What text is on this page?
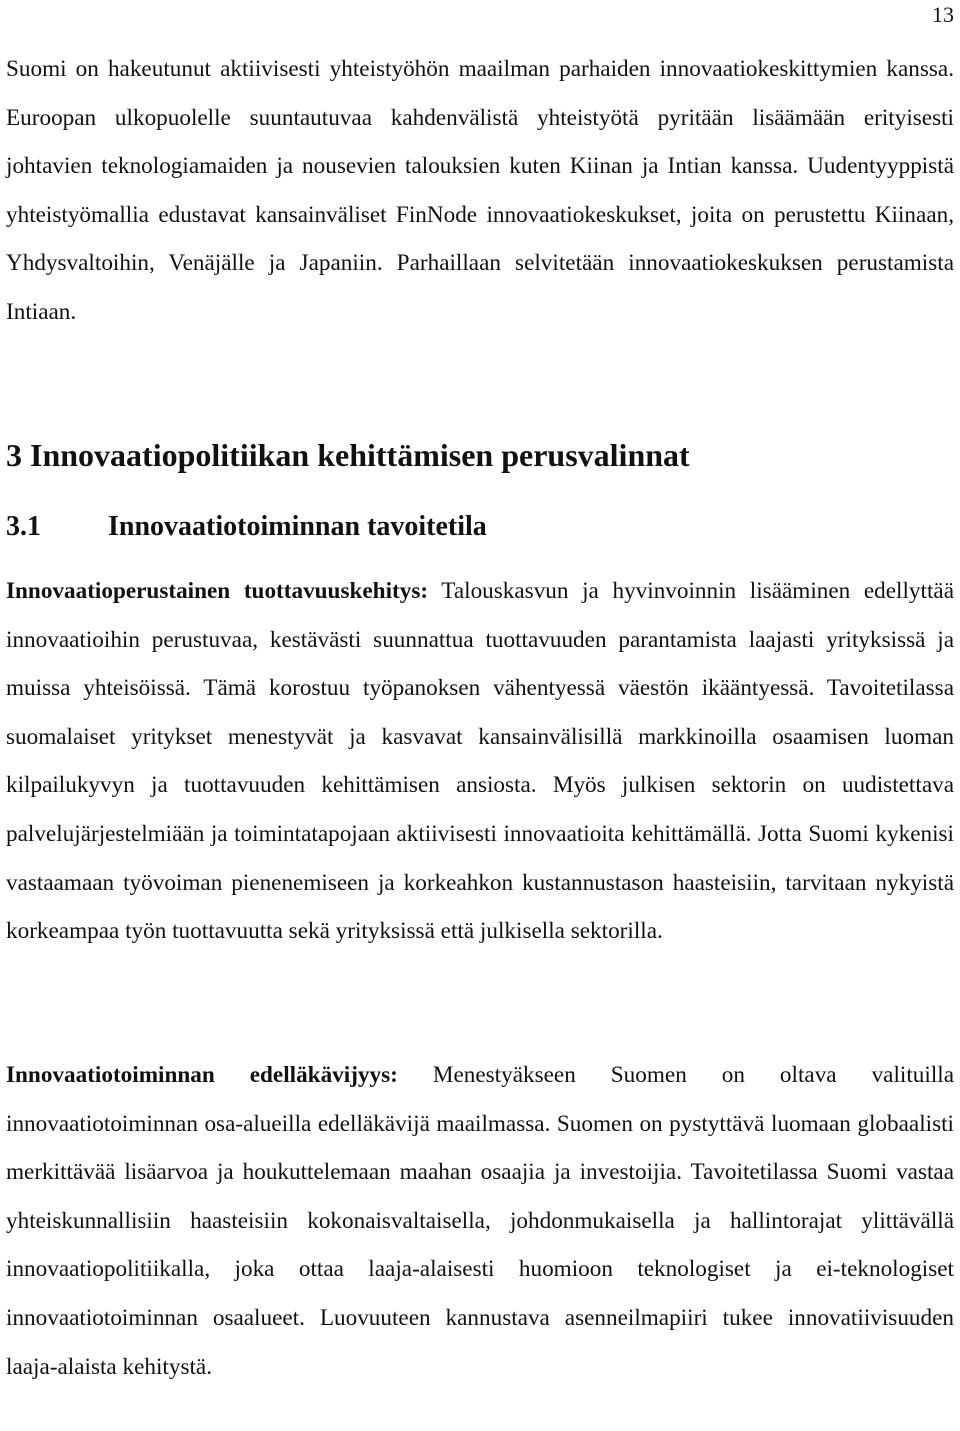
13

Suomi on hakeutunut aktiivisesti yhteistyöhön maailman parhaiden innovaatiokeskittymien kanssa. Euroopan ulkopuolelle suuntautuvaa kahdenvälistä yhteistyötä pyritään lisäämään erityisesti johtavien teknologiamaiden ja nousevien talouksien kuten Kiinan ja Intian kanssa. Uudentyyppistä yhteistyömallia edustavat kansainväliset FinNode innovaatiokeskukset, joita on perustettu Kiinaan, Yhdysvaltoihin, Venäjälle ja Japaniin. Parhaillaan selvitetään innovaatiokeskuksen perustamista Intiaan.

3 Innovaatiopolitiikan kehittämisen perusvalinnat
3.1 Innovaatiotoiminnan tavoitetila

Innovaatioperustainen tuottavuuskehitys: Talouskasvun ja hyvinvoinnin lisääminen edellyttää innovaatioihin perustuvaa, kestävästi suunnattua tuottavuuden parantamista laajasti yrityksissä ja muissa yhteisöissä. Tämä korostuu työpanoksen vähentyessä väestön ikääntyessä. Tavoitetilassa suomalaiset yritykset menestyvät ja kasvavat kansainvälisillä markkinoilla osaamisen luoman kilpailukyvyn ja tuottavuuden kehittämisen ansiosta. Myös julkisen sektorin on uudistettava palvelujärjestelmiään ja toimintatapojaan aktiivisesti innovaatioita kehittämällä. Jotta Suomi kykenisi vastaamaan työvoiman pienenemiseen ja korkeahkon kustannustason haasteisiin, tarvitaan nykyistä korkeampaa työn tuottavuutta sekä yrityksissä että julkisella sektorilla.

Innovaatiotoiminnan edelläkävijyys: Menestyäkseen Suomen on oltava valituilla innovaatiotoiminnan osa-alueilla edelläkävijä maailmassa. Suomen on pystyttävä luomaan globaalisti merkittävää lisäarvoa ja houkuttelemaan maahan osaajia ja investoijia. Tavoitetilassa Suomi vastaa yhteiskunnallisiin haasteisiin kokonaisvaltaisella, johdonmukaisella ja hallintorajat ylittävällä innovaatiopolitiikalla, joka ottaa laaja-alaisesti huomioon teknologiset ja ei-teknologiset innovaatiotoiminnan osaalueet. Luovuuteen kannustava asenneilmapiiri tukee innovatiivisuuden laaja-alaista kehitystä.
